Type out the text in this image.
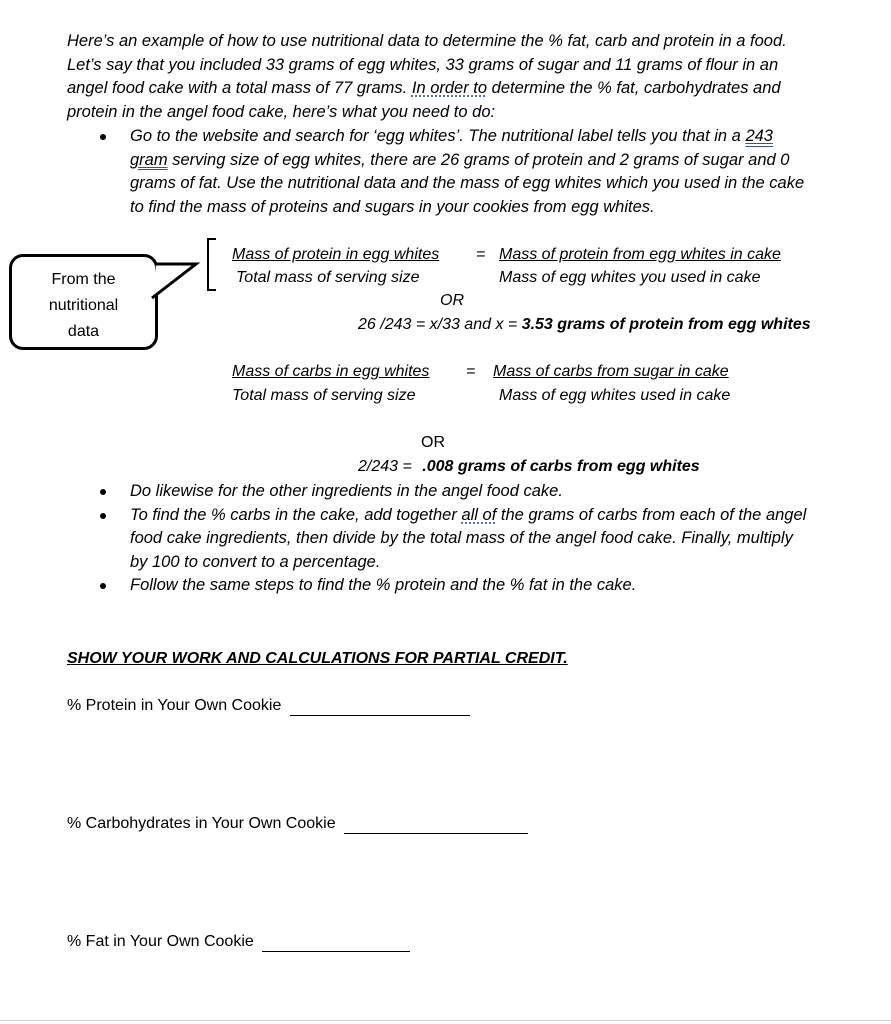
Here’s an example of how to use nutritional data to determine the % fat, carb and protein in a food.
Let’s say that you included 33 grams of egg whites, 33 grams of sugar and 11 grams of flour in an
angel food cake with a total mass of 77 grams. In order to determine the % fat, carbohydrates and
protein in the angel food cake, here’s what you need to do:
Go to the website and search for ‘egg whites’. The nutritional label tells you that in a 243
gram serving size of egg whites, there are 26 grams of protein and 2 grams of sugar and 0
grams of fat. Use the nutritional data and the mass of egg whites which you used in the cake
to find the mass of proteins and sugars in your cookies from egg whites.
From the
nutritional
data
Mass of protein in egg whites = Mass of protein from egg whites in cake
Total mass of serving size	Mass of egg whites you used in cake
OR
26 /243 = x/33 and x = 3.53 grams of protein from egg whites
Mass of carbs in egg whites = Mass of carbs from sugar in cake
Total mass of serving size	Mass of egg whites used in cake
OR
2/243 = .008 grams of carbs from egg whites
Do likewise for the other ingredients in the angel food cake.
To find the % carbs in the cake, add together all of the grams of carbs from each of the angel
food cake ingredients, then divide by the total mass of the angel food cake. Finally, multiply
by 100 to convert to a percentage.
Follow the same steps to find the % protein and the % fat in the cake.
SHOW YOUR WORK AND CALCULATIONS FOR PARTIAL CREDIT.
% Protein in Your Own Cookie
% Carbohydrates in Your Own Cookie
% Fat in Your Own Cookie
